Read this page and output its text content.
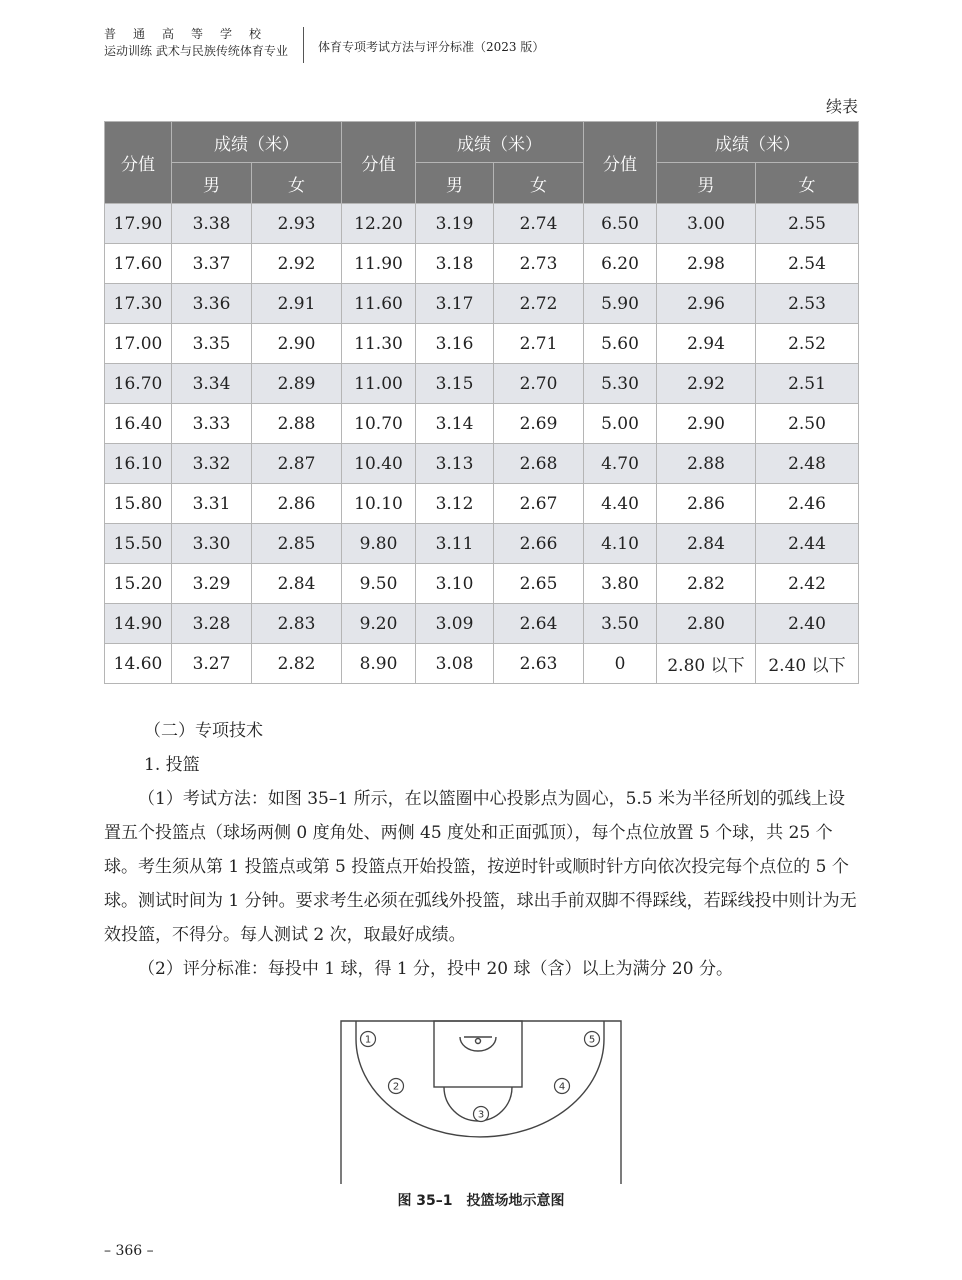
普通高等学校
运动训练 武术与民族传统体育专业	体育专项考试方法与评分标准（2023 版）
续表
分值	成绩（米）		分值	成绩（米）		分值	成绩（米）	
	男	女		男	女		男	女
17.90	3.38	2.93	12.20	3.19	2.74	6.50	3.00	2.55
17.60	3.37	2.92	11.90	3.18	2.73	6.20	2.98	2.54
17.30	3.36	2.91	11.60	3.17	2.72	5.90	2.96	2.53
17.00	3.35	2.90	11.30	3.16	2.71	5.60	2.94	2.52
16.70	3.34	2.89	11.00	3.15	2.70	5.30	2.92	2.51
16.40	3.33	2.88	10.70	3.14	2.69	5.00	2.90	2.50
16.10	3.32	2.87	10.40	3.13	2.68	4.70	2.88	2.48
15.80	3.31	2.86	10.10	3.12	2.67	4.40	2.86	2.46
15.50	3.30	2.85	9.80	3.11	2.66	4.10	2.84	2.44
15.20	3.29	2.84	9.50	3.10	2.65	3.80	2.82	2.42
14.90	3.28	2.83	9.20	3.09	2.64	3.50	2.80	2.40
14.60	3.27	2.82	8.90	3.08	2.63	0	2.80 以下	2.40 以下

（二）专项技术

1. 投篮

（1）考试方法：如图 35–1 所示，在以篮圈中心投影点为圆心，5.5 米为半径所划的弧线上设置五个投篮点（球场两侧 0 度角处、两侧 45 度处和正面弧顶），每个点位放置 5 个球，共 25 个球。考生须从第 1 投篮点或第 5 投篮点开始投篮，按逆时针或顺时针方向依次投完每个点位的 5 个球。测试时间为 1 分钟。要求考生必须在弧线外投篮，球出手前双脚不得踩线，若踩线投中则计为无效投篮，不得分。每人测试 2 次，取最好成绩。

（2）评分标准：每投中 1 球，得 1 分，投中 20 球（含）以上为满分 20 分。

1
2
3
4
5
图 35–1　投篮场地示意图
– 366 –
